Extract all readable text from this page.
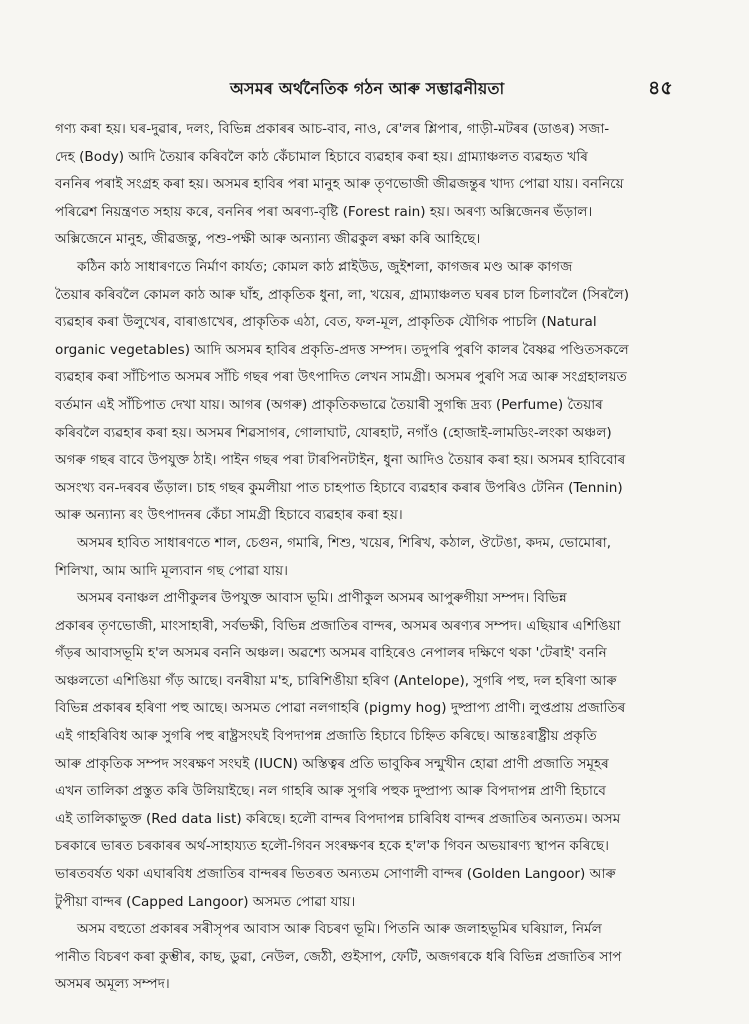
অসমৰ অৰ্থনৈতিক গঠন আৰু সম্ভাৱনীয়তা	৪৫

গণ্য কৰা হয়। ঘৰ-দুৱাৰ, দলং, বিভিন্ন প্ৰকাৰৰ আচ-বাব, নাও, ৰে'লৰ শ্লিপাৰ, গাড়ী-মটৰৰ (ডাঙৰ) সজা-
দেহ (Body) আদি তৈয়াৰ কৰিবলৈ কাঠ কেঁচামাল হিচাবে ব্যৱহাৰ কৰা হয়। গ্ৰাম্যাঞ্চলত ব্যৱহৃত খৰি
বননিৰ পৰাই সংগ্ৰহ কৰা হয়। অসমৰ হাবিৰ পৰা মানুহ আৰু তৃণভোজী জীৱজন্তুৰ খাদ্য পোৱা যায়। বননিয়ে
পৰিৱেশ নিয়ন্ত্ৰণত সহায় কৰে, বননিৰ পৰা অৰণ্য-বৃষ্টি (Forest rain) হয়। অৰণ্য অক্সিজেনৰ ভঁড়াল।
অক্সিজেনে মানুহ, জীৱজন্তু, পশু-পক্ষী আৰু অন্যান্য জীৱকুল ৰক্ষা কৰি আহিছে।

কঠিন কাঠ সাধাৰণতে নিৰ্মাণ কাৰ্যত; কোমল কাঠ প্লাইউড, জুইশলা, কাগজৰ মণ্ড আৰু কাগজ
তৈয়াৰ কৰিবলৈ কোমল কাঠ আৰু ঘাঁহ, প্ৰাকৃতিক ধুনা, লা, খয়েৰ, গ্ৰাম্যাঞ্চলত ঘৰৰ চাল চিলাবলৈ (সিৰলৈ)
ব্যৱহাৰ কৰা উলুখেৰ, বাৰাঙাখেৰ, প্ৰাকৃতিক এঠা, বেত, ফল-মূল, প্ৰাকৃতিক যৌগিক পাচলি (Natural
organic vegetables) আদি অসমৰ হাবিৰ প্ৰকৃতি-প্ৰদত্ত সম্পদ। তদুপৰি পুৰণি কালৰ বৈষ্ণৱ পণ্ডিতসকলে
ব্যৱহাৰ কৰা সাঁচিপাত অসমৰ সাঁচি গছৰ পৰা উৎপাদিত লেখন সামগ্ৰী। অসমৰ পুৰণি সত্ৰ আৰু সংগ্ৰহালয়ত
বৰ্তমান এই সাঁচিপাত দেখা যায়। আগৰ (অগৰু) প্ৰাকৃতিকভাৱে তৈয়াৰী সুগন্ধি দ্ৰব্য (Perfume) তৈয়াৰ
কৰিবলৈ ব্যৱহাৰ কৰা হয়। অসমৰ শিৱসাগৰ, গোলাঘাট, যোৰহাট, নগাঁও (হোজাই-লামডিং-লংকা অঞ্চল)
অগৰু গছৰ বাবে উপযুক্ত ঠাই। পাইন গছৰ পৰা টাৰপিনটাইন, ধুনা আদিও তৈয়াৰ কৰা হয়। অসমৰ হাবিবোৰ
অসংখ্য বন-দৰবৰ ভঁড়াল। চাহ গছৰ কুমলীয়া পাত চাহপাত হিচাবে ব্যৱহাৰ কৰাৰ উপৰিও টেনিন (Tennin)
আৰু অন্যান্য ৰং উৎপাদনৰ কেঁচা সামগ্ৰী হিচাবে ব্যৱহাৰ কৰা হয়।

অসমৰ হাবিত সাধাৰণতে শাল, চেগুন, গমাৰি, শিশু, খয়েৰ, শিৰিখ, কঠাল, ঔটেঙা, কদম, ভোমোৰা,
শিলিখা, আম আদি মূল্যবান গছ পোৱা যায়।

অসমৰ বনাঞ্চল প্ৰাণীকুলৰ উপযুক্ত আবাস ভূমি। প্ৰাণীকুল অসমৰ আপুৰুগীয়া সম্পদ। বিভিন্ন
প্ৰকাৰৰ তৃণভোজী, মাংসাহাৰী, সৰ্বভক্ষী, বিভিন্ন প্ৰজাতিৰ বান্দৰ, অসমৰ অৰণ্যৰ সম্পদ। এছিয়াৰ এশিঙিয়া
গঁড়ৰ আবাসভূমি হ'ল অসমৰ বননি অঞ্চল। অৱশ্যে অসমৰ বাহিৰেও নেপালৰ দক্ষিণে থকা 'টেৰাই' বননি
অঞ্চলতো এশিঙিয়া গঁড় আছে। বনৰীয়া ম'হ, চাৰিশিঙীয়া হৰিণ (Antelope), সুগৰি পহু, দল হৰিণা আৰু
বিভিন্ন প্ৰকাৰৰ হৰিণা পহু আছে। অসমত পোৱা নলগাহৰি (pigmy hog) দুষ্প্ৰাপ্য প্ৰাণী। লুপ্তপ্ৰায় প্ৰজাতিৰ
এই গাহৰিবিধ আৰু সুগৰি পহু ৰাষ্ট্ৰসংঘই বিপদাপন্ন প্ৰজাতি হিচাবে চিহ্নিত কৰিছে। আন্তঃৰাষ্ট্ৰীয় প্ৰকৃতি
আৰু প্ৰাকৃতিক সম্পদ সংৰক্ষণ সংঘই (IUCN) অস্তিত্বৰ প্ৰতি ভাবুকিৰ সন্মুখীন হোৱা প্ৰাণী প্ৰজাতি সমূহৰ
এখন তালিকা প্ৰস্তুত কৰি উলিয়াইছে। নল গাহৰি আৰু সুগৰি পহুক দুষ্প্ৰাপ্য আৰু বিপদাপন্ন প্ৰাণী হিচাবে
এই তালিকাভুক্ত (Red data list) কৰিছে। হলৌ বান্দৰ বিপদাপন্ন চাৰিবিধ বান্দৰ প্ৰজাতিৰ অন্যতম। অসম
চৰকাৰে ভাৰত চৰকাৰৰ অৰ্থ-সাহায্যত হলৌ-গিবন সংৰক্ষণৰ হকে হ'ল'ক গিবন অভয়াৰণ্য স্থাপন কৰিছে।
ভাৰতবৰ্ষত থকা এঘাৰবিধ প্ৰজাতিৰ বান্দৰৰ ভিতৰত অন্যতম সোণালী বান্দৰ (Golden Langoor) আৰু
টুপীয়া বান্দৰ (Capped Langoor) অসমত পোৱা যায়।

অসম বহুতো প্ৰকাৰৰ সৰীসৃপৰ আবাস আৰু বিচৰণ ভূমি। পিতনি আৰু জলাহভূমিৰ ঘৰিয়াল, নিৰ্মল
পানীত বিচৰণ কৰা কুম্ভীৰ, কাছ, ডুৱা, নেউল, জেঠী, গুইসাপ, ফেটি, অজগৰকে ধৰি বিভিন্ন প্ৰজাতিৰ সাপ
অসমৰ অমূল্য সম্পদ।
